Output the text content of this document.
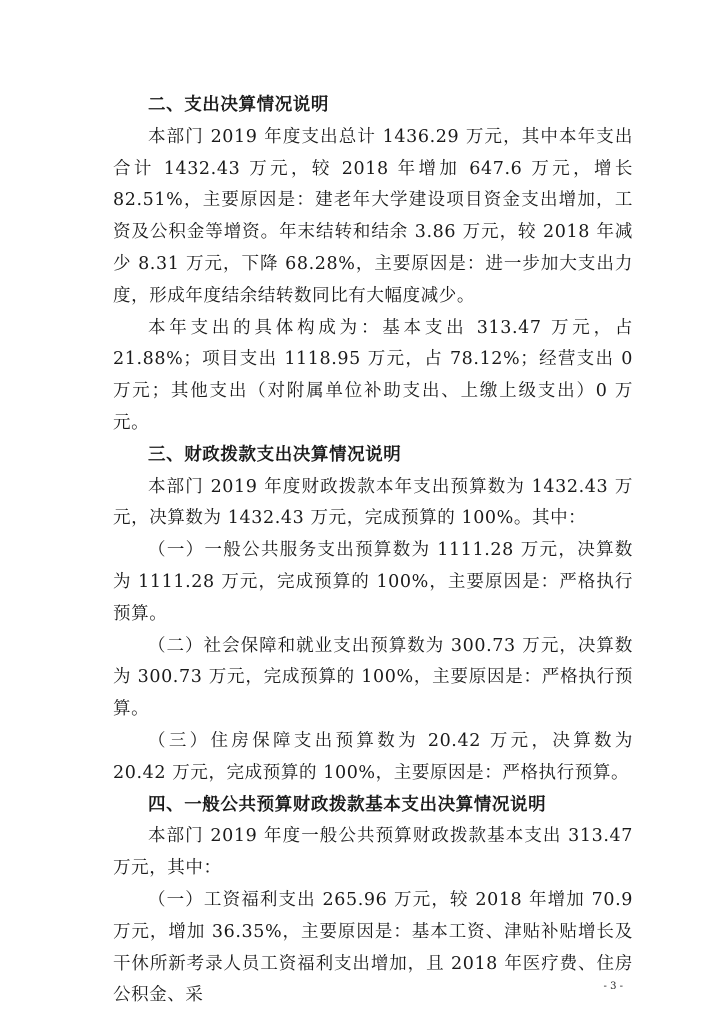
二、支出决算情况说明

本部门 2019 年度支出总计 1436.29 万元，其中本年支出合计 1432.43 万元，较 2018 年增加 647.6 万元，增长 82.51%，主要原因是：建老年大学建设项目资金支出增加，工资及公积金等增资。年末结转和结余 3.86 万元，较 2018 年减少 8.31 万元，下降 68.28%，主要原因是：进一步加大支出力度，形成年度结余结转数同比有大幅度减少。

本年支出的具体构成为：基本支出 313.47 万元，占 21.88%；项目支出 1118.95 万元，占 78.12%；经营支出 0 万元；其他支出（对附属单位补助支出、上缴上级支出）0 万元。

三、财政拨款支出决算情况说明

本部门 2019 年度财政拨款本年支出预算数为 1432.43 万元，决算数为 1432.43 万元，完成预算的 100%。其中：

（一）一般公共服务支出预算数为 1111.28 万元，决算数为 1111.28 万元，完成预算的 100%，主要原因是：严格执行预算。

（二）社会保障和就业支出预算数为 300.73 万元，决算数为 300.73 万元，完成预算的 100%，主要原因是：严格执行预算。

（三）住房保障支出预算数为 20.42 万元，决算数为 20.42 万元，完成预算的 100%，主要原因是：严格执行预算。

四、一般公共预算财政拨款基本支出决算情况说明

本部门 2019 年度一般公共预算财政拨款基本支出 313.47 万元，其中：

（一）工资福利支出 265.96 万元，较 2018 年增加 70.9 万元，增加 36.35%，主要原因是：基本工资、津贴补贴增长及干休所新考录人员工资福利支出增加，且 2018 年医疗费、住房公积金、采	- 3 -
